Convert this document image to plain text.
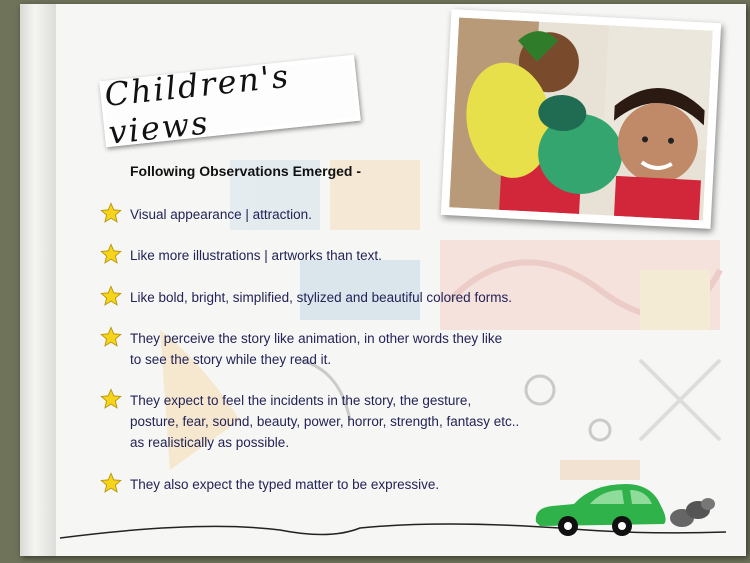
Children's views
Following Observations Emerged -
Visual appearance | attraction.
Like more illustrations | artworks than text.
Like bold, bright, simplified, stylized and beautiful colored forms.
They perceive the story like animation, in other words they like
to see the story while they read it.
They expect to feel the incidents in the story, the gesture,
posture, fear, sound, beauty, power, horror, strength, fantasy etc..
as realistically as possible.
They also expect the typed matter to be expressive.
